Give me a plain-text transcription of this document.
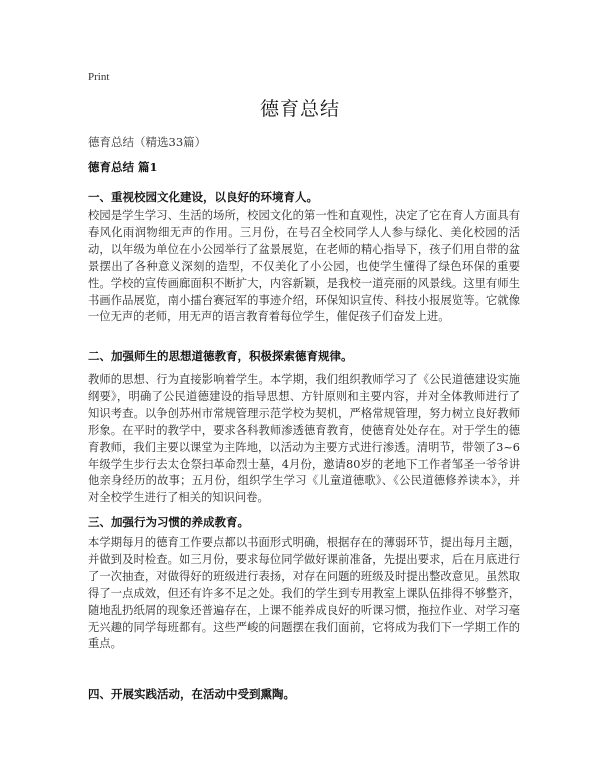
Print
德育总结
德育总结（精选33篇）
德育总结 篇1
一、重视校园文化建设，以良好的环境育人。

校园是学生学习、生活的场所，校园文化的第一性和直观性，决定了它在育人方面具有春风化雨润物细无声的作用。三月份，在号召全校同学人人参与绿化、美化校园的活动，以年级为单位在小公园举行了盆景展览，在老师的精心指导下，孩子们用自带的盆景摆出了各种意义深刻的造型，不仅美化了小公园，也使学生懂得了绿色环保的重要性。学校的宣传画廊面积不断扩大，内容新颖，是我校一道亮丽的风景线。这里有师生书画作品展览，南小擂台赛冠军的事迹介绍，环保知识宣传、科技小报展览等。它就像一位无声的老师，用无声的语言教育着每位学生，催促孩子们奋发上进。

二、加强师生的思想道德教育，积极探索德育规律。

教师的思想、行为直接影响着学生。本学期，我们组织教师学习了《公民道德建设实施纲要》，明确了公民道德建设的指导思想、方针原则和主要内容，并对全体教师进行了知识考查。以争创苏州市常规管理示范学校为契机，严格常规管理，努力树立良好教师形象。在平时的教学中，要求各科教师渗透德育教育，使德育处处存在。对于学生的德育教师，我们主要以课堂为主阵地，以活动为主要方式进行渗透。清明节，带领了3~6年级学生步行去太仓祭扫革命烈士墓，4月份，邀请80岁的老地下工作者邹圣一爷爷讲他亲身经历的故事；五月份，组织学生学习《儿童道德歌》、《公民道德修养读本》，并对全校学生进行了相关的知识问卷。

三、加强行为习惯的养成教育。

本学期每月的德育工作要点都以书面形式明确，根据存在的薄弱环节，提出每月主题，并做到及时检查。如三月份，要求每位同学做好课前准备，先提出要求，后在月底进行了一次抽查，对做得好的班级进行表扬，对存在问题的班级及时提出整改意见。虽然取得了一点成效，但还有许多不足之处。我们的学生到专用教室上课队伍排得不够整齐，随地乱扔纸屑的现象还普遍存在，上课不能养成良好的听课习惯，拖拉作业、对学习毫无兴趣的同学每班都有。这些严峻的问题摆在我们面前，它将成为我们下一学期工作的重点。

四、开展实践活动，在活动中受到熏陶。
